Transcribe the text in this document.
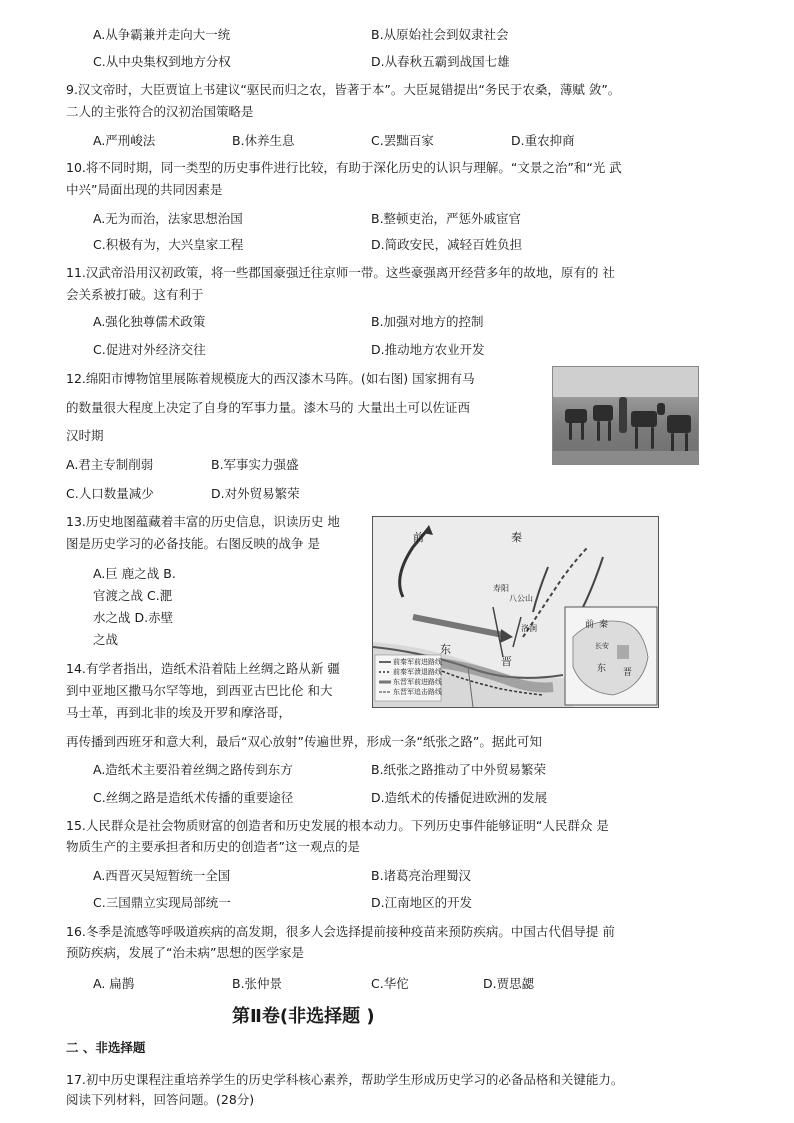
A.从争霸兼并走向大一统	B.从原始社会到奴隶社会
C.从中央集权到地方分权	D.从春秋五霸到战国七雄
9.汉文帝时，大臣贾谊上书建议“驱民而归之农，皆著于本”。大臣晁错提出“务民于农桑，薄赋 敛”。
二人的主张符合的汉初治国策略是
A.严刑峻法	B.休养生息	C.罢黜百家	D.重农抑商
10.将不同时期，同一类型的历史事件进行比较，有助于深化历史的认识与理解。“文景之治”和“光 武
中兴”局面出现的共同因素是
A.无为而治，法家思想治国	B.整顿吏治，严惩外戚宦官
C.积极有为，大兴皇家工程	D.简政安民，减轻百姓负担
11.汉武帝沿用汉初政策，将一些郡国豪强迁往京师一带。这些豪强离开经营多年的故地，原有的 社
会关系被打破。这有利于
A.强化独尊儒术政策	B.加强对地方的控制
C.促进对外经济交往	D.推动地方农业开发
12.绵阳市博物馆里展陈着规模庞大的西汉漆木马阵。(如右图) 国家拥有马
的数量很大程度上决定了自身的军事力量。漆木马的 大量出土可以佐证西
汉时期
A.君主专制削弱	B.军事实力强盛
C.人口数量减少	D.对外贸易繁荣
13.历史地图蕴藏着丰富的历史信息，识读历史 地
图是历史学习的必备技能。右图反映的战争 是
A.巨 鹿之战 B.
官渡之战 C.淝
水之战 D.赤壁
之战
前	秦
寿阳
八公山
洛涧
东
晋
前秦军前进路线
前秦军溃退路线
东晋军前进路线
东晋军追击路线
前 秦
长安
东 晋
14.有学者指出，造纸术沿着陆上丝绸之路从新 疆
到中亚地区撒马尔罕等地，到西亚古巴比伦 和大
马士革，再到北非的埃及开罗和摩洛哥，
再传播到西班牙和意大利，最后“双心放射”传遍世界，形成一条“纸张之路”。据此可知
A.造纸术主要沿着丝绸之路传到东方	B.纸张之路推动了中外贸易繁荣
C.丝绸之路是造纸术传播的重要途径	D.造纸术的传播促进欧洲的发展
15.人民群众是社会物质财富的创造者和历史发展的根本动力。下列历史事件能够证明“人民群众 是
物质生产的主要承担者和历史的创造者”这一观点的是
A.西晋灭吴短暂统一全国	B.诸葛亮治理蜀汉
C.三国鼎立实现局部统一	D.江南地区的开发
16.冬季是流感等呼吸道疾病的高发期，很多人会选择提前接种疫苗来预防疾病。中国古代倡导提 前
预防疾病，发展了“治未病”思想的医学家是
A. 扁鹊	B.张仲景	C.华佗	D.贾思勰
第Ⅱ卷(非选择题 )
二 、非选择题
17.初中历史课程注重培养学生的历史学科核心素养，帮助学生形成历史学习的必备品格和关键能力。
阅读下列材料，回答问题。(28分)
